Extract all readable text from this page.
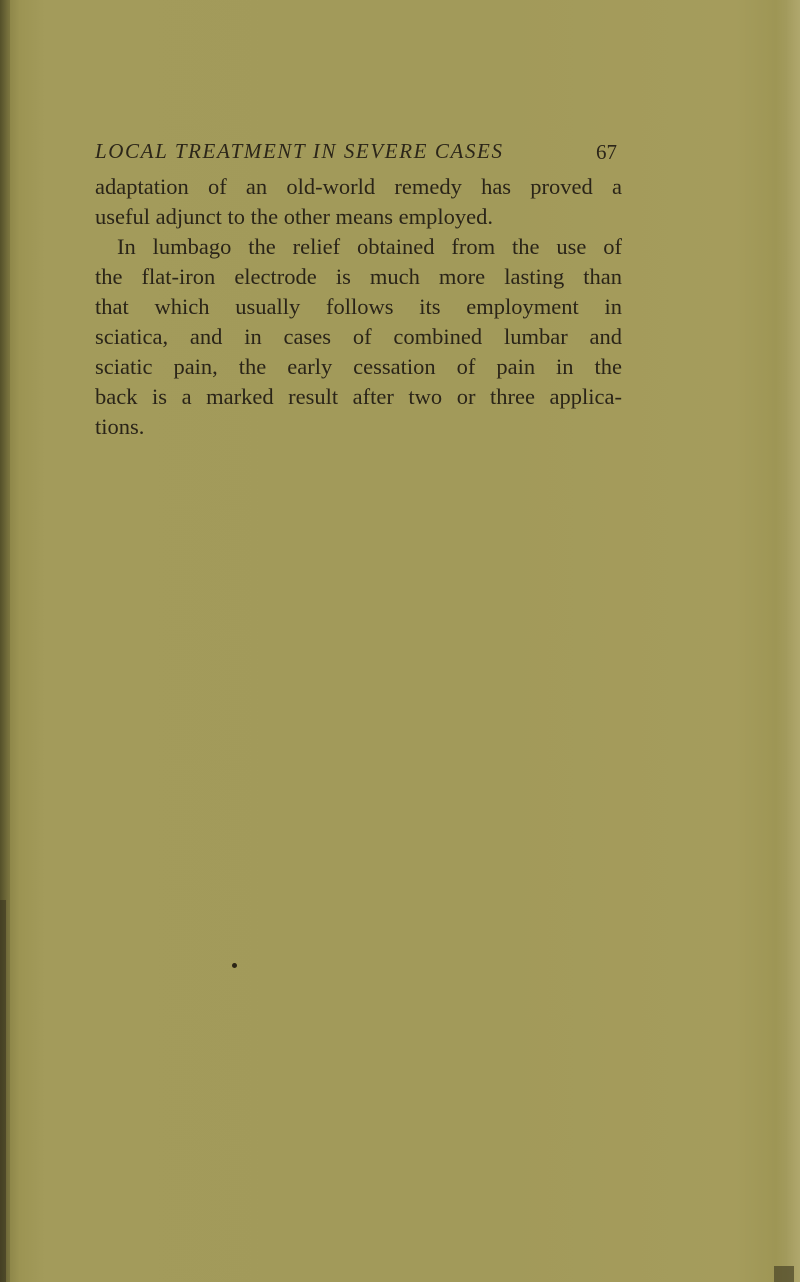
LOCAL TREATMENT IN SEVERE CASES	67
adaptation of an old-world remedy has proved a
useful adjunct to the other means employed.
In lumbago the relief obtained from the use of
the flat-iron electrode is much more lasting than
that which usually follows its employment in
sciatica, and in cases of combined lumbar and
sciatic pain, the early cessation of pain in the
back is a marked result after two or three applica-
tions.
